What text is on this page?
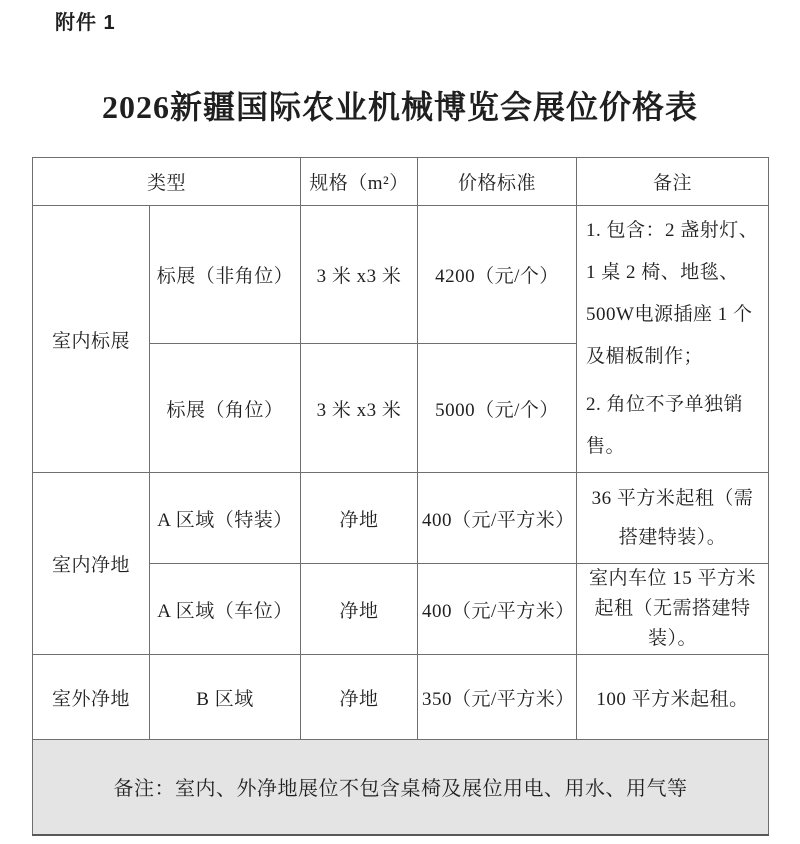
附件 1
2026新疆国际农业机械博览会展位价格表
类型		规格（m²）	价格标准	备注
室内标展	标展（非角位）	3 米 x3 米	4200（元/个）	1. 包含：2 盏射灯、1 桌 2 椅、地毯、500W电源插座 1 个及楣板制作；

2. 角位不予单独销售。

	标展（角位）	3 米 x3 米	5000（元/个）	
室内净地	A 区域（特装）	净地	400（元/平方米）	36 平方米起租（需搭建特装）。
	A 区域（车位）	净地	400（元/平方米）	室内车位 15 平方米起租（无需搭建特装）。
室外净地	B 区域	净地	350（元/平方米）	100 平方米起租。
备注：室内、外净地展位不包含桌椅及展位用电、用水、用气等				
